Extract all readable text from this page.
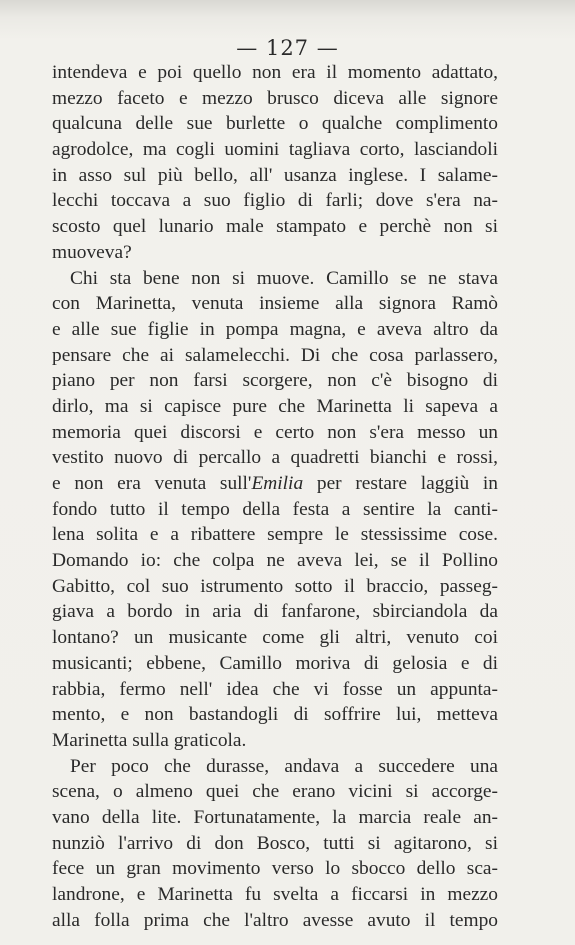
— 127 —
intendeva e poi quello non era il momento adattato,
mezzo faceto e mezzo brusco diceva alle signore
qualcuna delle sue burlette o qualche complimento
agrodolce, ma cogli uomini tagliava corto, lasciandoli
in asso sul più bello, all' usanza inglese. I salame-
lecchi toccava a suo figlio di farli; dove s'era na-
scosto quel lunario male stampato e perchè non si
muoveva?
Chi sta bene non si muove. Camillo se ne stava
con Marinetta, venuta insieme alla signora Ramò
e alle sue figlie in pompa magna, e aveva altro da
pensare che ai salamelecchi. Di che cosa parlassero,
piano per non farsi scorgere, non c'è bisogno di
dirlo, ma si capisce pure che Marinetta li sapeva a
memoria quei discorsi e certo non s'era messo un
vestito nuovo di percallo a quadretti bianchi e rossi,
e non era venuta sull'Emilia per restare laggiù in
fondo tutto il tempo della festa a sentire la canti-
lena solita e a ribattere sempre le stessissime cose.
Domando io: che colpa ne aveva lei, se il Pollino
Gabitto, col suo istrumento sotto il braccio, passeg-
giava a bordo in aria di fanfarone, sbirciandola da
lontano? un musicante come gli altri, venuto coi
musicanti; ebbene, Camillo moriva di gelosia e di
rabbia, fermo nell' idea che vi fosse un appunta-
mento, e non bastandogli di soffrire lui, metteva
Marinetta sulla graticola.
Per poco che durasse, andava a succedere una
scena, o almeno quei che erano vicini si accorge-
vano della lite. Fortunatamente, la marcia reale an-
nunziò l'arrivo di don Bosco, tutti si agitarono, si
fece un gran movimento verso lo sbocco dello sca-
landrone, e Marinetta fu svelta a ficcarsi in mezzo
alla folla prima che l'altro avesse avuto il tempo
